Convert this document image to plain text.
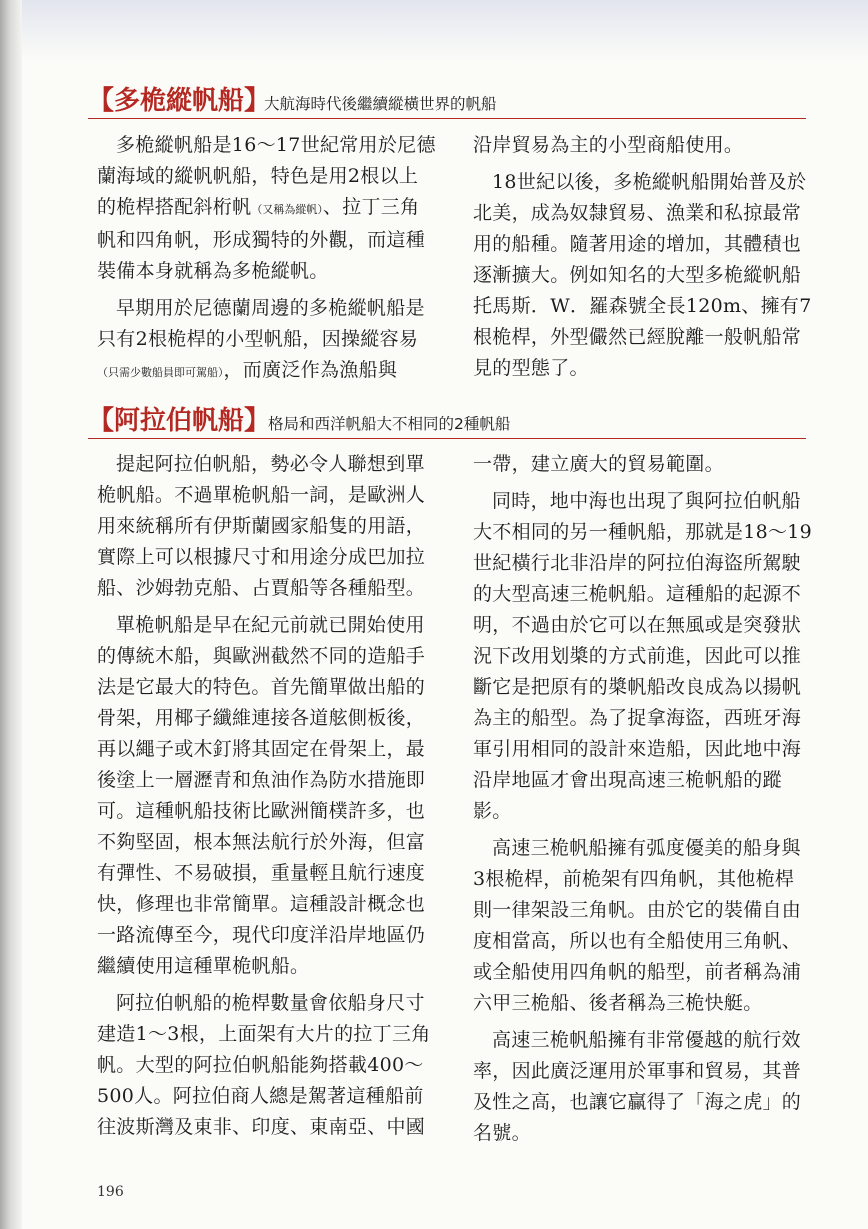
【多桅縱帆船】
大航海時代後繼續縱橫世界的帆船

多桅縱帆船是16～17世紀常用於尼德蘭海域的縱帆帆船，特色是用2根以上的桅桿搭配斜桁帆（又稱為縱帆）、拉丁三角帆和四角帆，形成獨特的外觀，而這種裝備本身就稱為多桅縱帆。

早期用於尼德蘭周邊的多桅縱帆船是只有2根桅桿的小型帆船，因操縱容易（只需少數船員即可駕船），而廣泛作為漁船與

沿岸貿易為主的小型商船使用。

18世紀以後，多桅縱帆船開始普及於北美，成為奴隸貿易、漁業和私掠最常用的船種。隨著用途的增加，其體積也逐漸擴大。例如知名的大型多桅縱帆船托馬斯．W．羅森號全長120m、擁有7根桅桿，外型儼然已經脫離一般帆船常見的型態了。

【阿拉伯帆船】
格局和西洋帆船大不相同的2種帆船

提起阿拉伯帆船，勢必令人聯想到單桅帆船。不過單桅帆船一詞，是歐洲人用來統稱所有伊斯蘭國家船隻的用語，實際上可以根據尺寸和用途分成巴加拉船、沙姆勃克船、占賈船等各種船型。

單桅帆船是早在紀元前就已開始使用的傳統木船，與歐洲截然不同的造船手法是它最大的特色。首先簡單做出船的骨架，用椰子纖維連接各道舷側板後，再以繩子或木釘將其固定在骨架上，最後塗上一層瀝青和魚油作為防水措施即可。這種帆船技術比歐洲簡樸許多，也不夠堅固，根本無法航行於外海，但富有彈性、不易破損，重量輕且航行速度快，修理也非常簡單。這種設計概念也一路流傳至今，現代印度洋沿岸地區仍繼續使用這種單桅帆船。

阿拉伯帆船的桅桿數量會依船身尺寸建造1～3根，上面架有大片的拉丁三角帆。大型的阿拉伯帆船能夠搭載400～500人。阿拉伯商人總是駕著這種船前往波斯灣及東非、印度、東南亞、中國

一帶，建立廣大的貿易範圍。

同時，地中海也出現了與阿拉伯帆船大不相同的另一種帆船，那就是18～19世紀橫行北非沿岸的阿拉伯海盜所駕駛的大型高速三桅帆船。這種船的起源不明，不過由於它可以在無風或是突發狀況下改用划槳的方式前進，因此可以推斷它是把原有的槳帆船改良成為以揚帆為主的船型。為了捉拿海盜，西班牙海軍引用相同的設計來造船，因此地中海沿岸地區才會出現高速三桅帆船的蹤影。

高速三桅帆船擁有弧度優美的船身與3根桅桿，前桅架有四角帆，其他桅桿則一律架設三角帆。由於它的裝備自由度相當高，所以也有全船使用三角帆、或全船使用四角帆的船型，前者稱為浦六甲三桅船、後者稱為三桅快艇。

高速三桅帆船擁有非常優越的航行效率，因此廣泛運用於軍事和貿易，其普及性之高，也讓它贏得了「海之虎」的名號。

196
